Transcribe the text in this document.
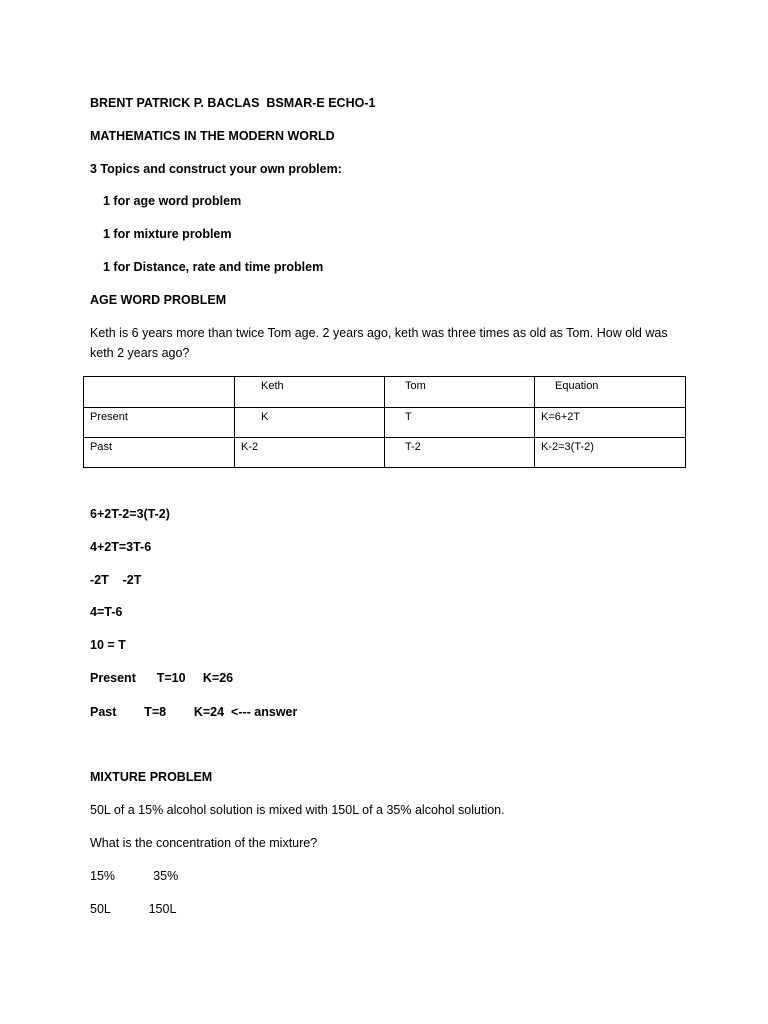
BRENT PATRICK P. BACLAS  BSMAR-E ECHO-1
MATHEMATICS IN THE MODERN WORLD
3 Topics and construct your own problem:
1 for age word problem
1 for mixture problem
1 for Distance, rate and time problem
AGE WORD PROBLEM
Keth is 6 years more than twice Tom age. 2 years ago, keth was three times as old as Tom. How old was keth 2 years ago?
	Keth	Tom	Equation
Present	K	T	K=6+2T
Past	K-2	T-2	K-2=3(T-2)
6+2T-2=3(T-2)
4+2T=3T-6
-2T    -2T
4=T-6
10 = T
Present      T=10     K=26
Past        T=8        K=24  <--- answer
MIXTURE PROBLEM
50L of a 15% alcohol solution is mixed with 150L of a 35% alcohol solution.
What is the concentration of the mixture?
15%           35%
50L           150L
